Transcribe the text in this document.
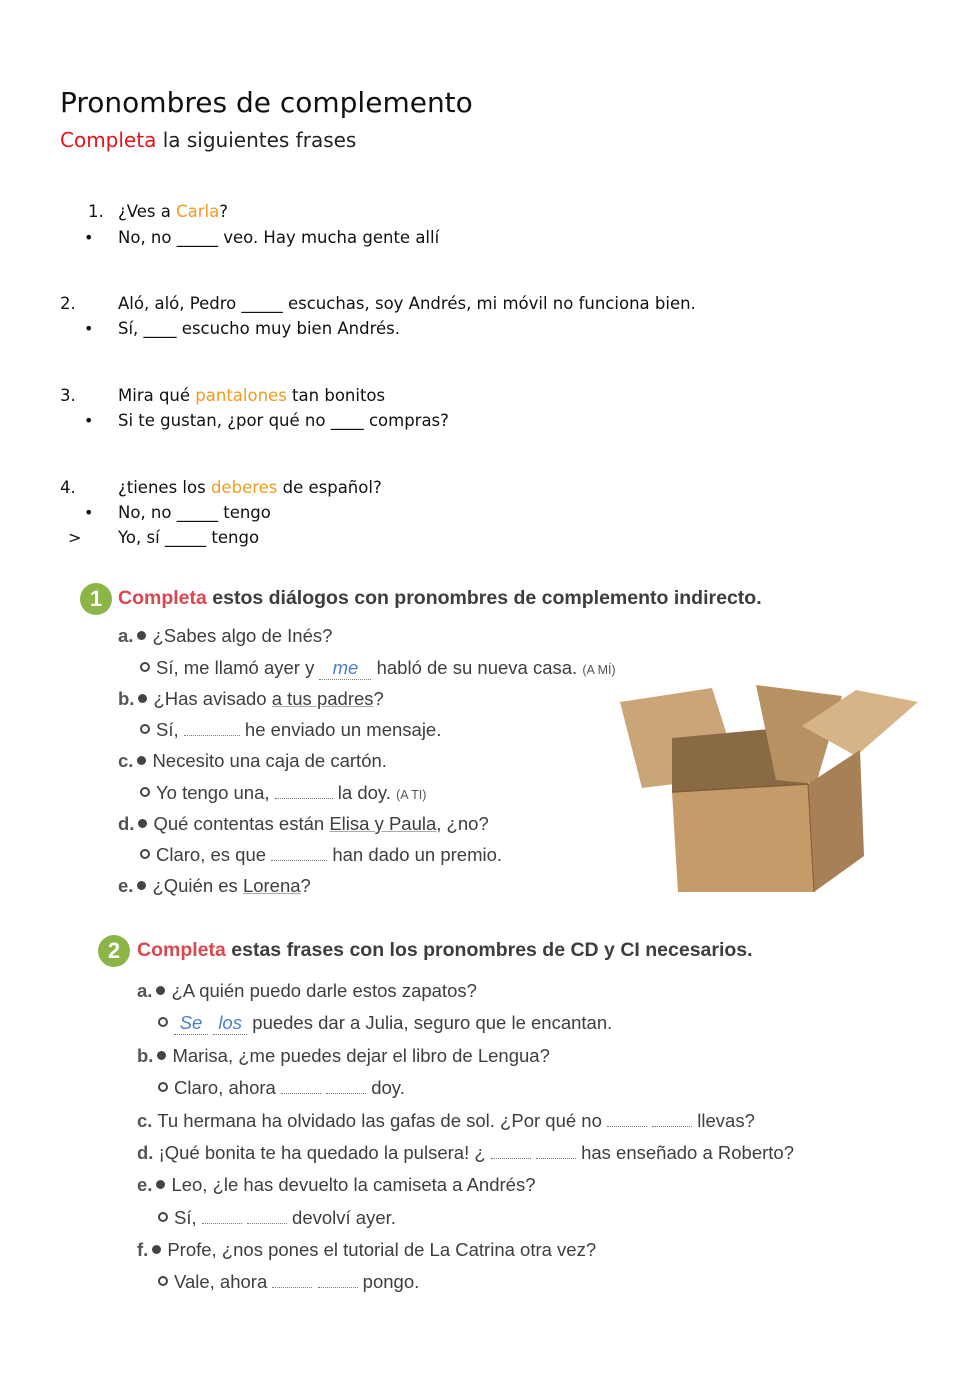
Pronombres de complemento
Completa la siguientes frases
1. ¿Ves a Carla?
• No, no _____ veo. Hay mucha gente allí
2.	Aló, aló, Pedro _____ escuchas, soy Andrés, mi móvil no funciona bien.
• Sí, ____ escucho muy bien Andrés.
3.	Mira qué pantalones tan bonitos
• Si te gustan, ¿por qué no ____ compras?
4.	¿tienes los deberes de español?
• No, no _____ tengo
> Yo, sí _____ tengo
1 Completa estos diálogos con pronombres de complemento indirecto.
a. ¿Sabes algo de Inés?
Sí, me llamó ayer y me habló de su nueva casa. (A MÍ)
b. ¿Has avisado a tus padres?
Sí,	he enviado un mensaje.
c. Necesito una caja de cartón.
Yo tengo una,	la doy. (A TI)
d. Qué contentas están Elisa y Paula, ¿no?
Claro, es que	han dado un premio.
e. ¿Quién es Lorena?
2 Completa estas frases con los pronombres de CD y CI necesarios.
a. ¿A quién puedo darle estos zapatos?
Se los puedes dar a Julia, seguro que le encantan.
b. Marisa, ¿me puedes dejar el libro de Lengua?
Claro, ahora	doy.
c. Tu hermana ha olvidado las gafas de sol. ¿Por qué no	llevas?
d. ¡Qué bonita te ha quedado la pulsera! ¿	has enseñado a Roberto?
e. Leo, ¿le has devuelto la camiseta a Andrés?
Sí,	devolví ayer.
f. Profe, ¿nos pones el tutorial de La Catrina otra vez?
Vale, ahora	pongo.
